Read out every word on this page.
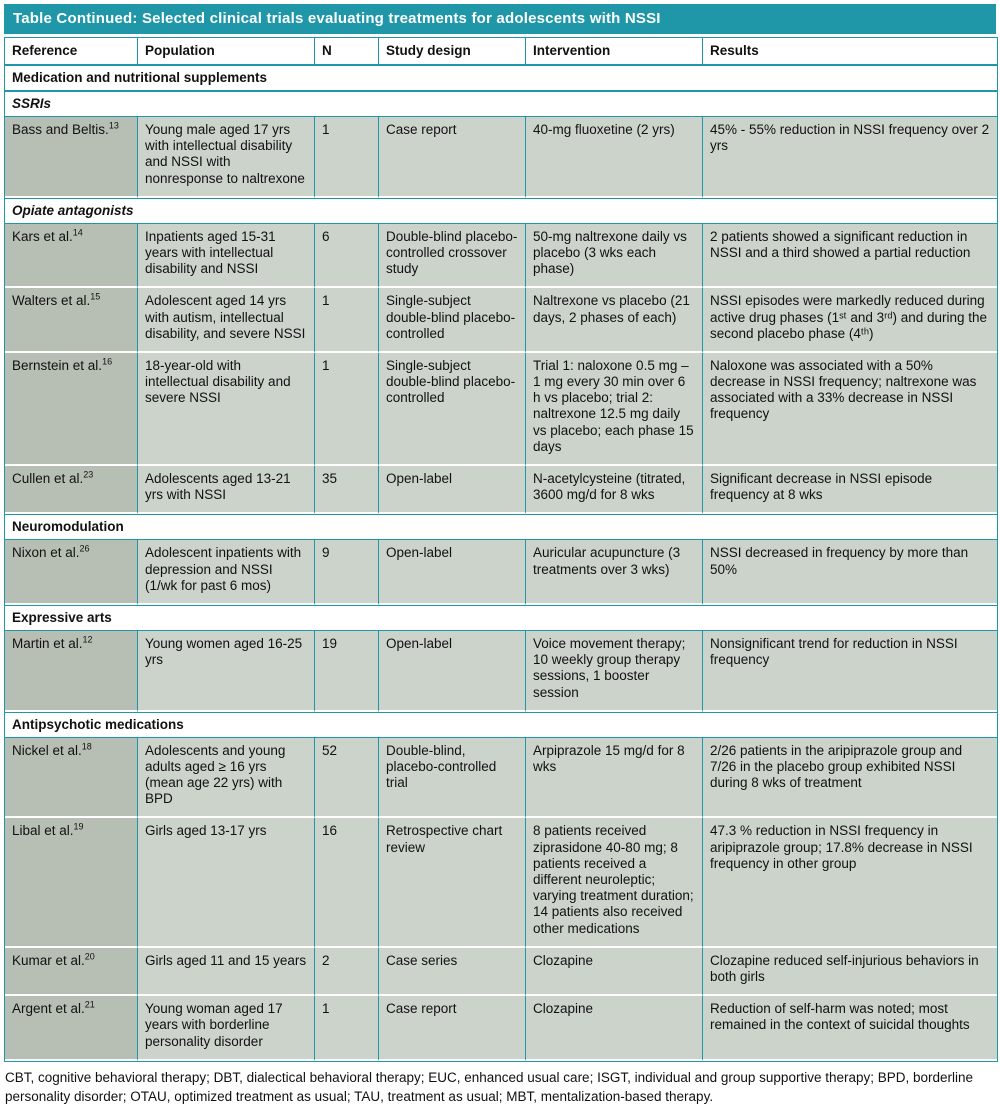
Table Continued: Selected clinical trials evaluating treatments for adolescents with NSSI
Reference	Population	N	Study design	Intervention	Results
Medication and nutritional supplements					
SSRIs					
Bass and Beltis.$^{13}$	Young male aged 17 yrs with intellectual disability and NSSI with nonresponse to naltrexone	1	Case report	40-mg fluoxetine (2 yrs)	45% - 55% reduction in NSSI frequency over 2 yrs
Opiate antagonists					
Kars et al.$^{14}$	Inpatients aged 15-31 years with intellectual disability and NSSI	6	Double-blind placebo-controlled crossover study	50-mg naltrexone daily vs placebo (3 wks each phase)	2 patients showed a significant reduction in NSSI and a third showed a partial reduction
Walters et al.$^{15}$	Adolescent aged 14 yrs with autism, intellectual disability, and severe NSSI	1	Single-subject double-blind placebo-controlled	Naltrexone vs placebo (21 days, 2 phases of each)	NSSI episodes were markedly reduced during active drug phases (1ˢᵗ and 3ʳᵈ) and during the second placebo phase (4ᵗʰ)
Bernstein et al.$^{16}$	18-year-old with intellectual disability and severe NSSI	1	Single-subject double-blind placebo-controlled	Trial 1: naloxone 0.5 mg – 1 mg every 30 min over 6 h vs placebo; trial 2: naltrexone 12.5 mg daily vs placebo; each phase 15 days	Naloxone was associated with a 50% decrease in NSSI frequency; naltrexone was associated with a 33% decrease in NSSI frequency
Cullen et al.$^{23}$	Adolescents aged 13-21 yrs with NSSI	35	Open-label	N-acetylcysteine (titrated, 3600 mg/d for 8 wks	Significant decrease in NSSI episode frequency at 8 wks
Neuromodulation					
Nixon et al.$^{26}$	Adolescent inpatients with depression and NSSI (1/wk for past 6 mos)	9	Open-label	Auricular acupuncture (3 treatments over 3 wks)	NSSI decreased in frequency by more than 50%
Expressive arts					
Martin et al.$^{12}$	Young women aged 16-25 yrs	19	Open-label	Voice movement therapy; 10 weekly group therapy sessions, 1 booster session	Nonsignificant trend for reduction in NSSI frequency
Antipsychotic medications					
Nickel et al.$^{18}$	Adolescents and young adults aged ≥ 16 yrs (mean age 22 yrs) with BPD	52	Double-blind, placebo-controlled trial	Arpiprazole 15 mg/d for 8 wks	2/26 patients in the aripiprazole group and 7/26 in the placebo group exhibited NSSI during 8 wks of treatment
Libal et al.$^{19}$	Girls aged 13-17 yrs	16	Retrospective chart review	8 patients received ziprasidone 40-80 mg; 8 patients received a different neuroleptic; varying treatment duration; 14 patients also received other medications	47.3 % reduction in NSSI frequency in aripiprazole group; 17.8% decrease in NSSI frequency in other group
Kumar et al.$^{20}$	Girls aged 11 and 15 years	2	Case series	Clozapine	Clozapine reduced self-injurious behaviors in both girls
Argent et al.$^{21}$	Young woman aged 17 years with borderline personality disorder	1	Case report	Clozapine	Reduction of self-harm was noted; most remained in the context of suicidal thoughts

CBT, cognitive behavioral therapy; DBT, dialectical behavioral therapy; EUC, enhanced usual care; ISGT, individual and group supportive therapy; BPD, borderline personality disorder; OTAU, optimized treatment as usual; TAU, treatment as usual; MBT, mentalization-based therapy.
